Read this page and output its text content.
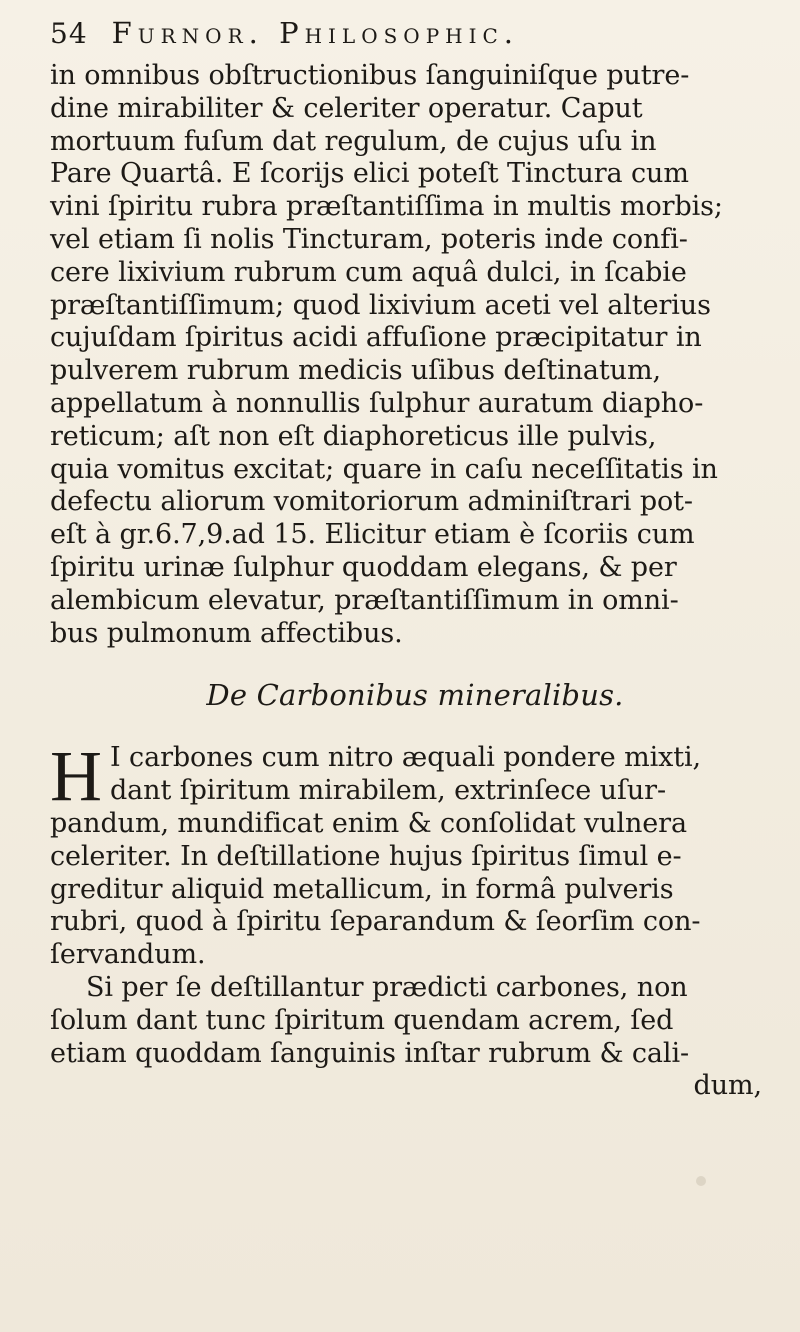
54 Furnor. Philosophic.
in omnibus obſtructionibus ſanguiniſque putre-
dine mirabiliter & celeriter operatur. Caput
mortuum fuſum dat regulum, de cujus uſu in
Pare Quartâ. E ſcorijs elici poteſt Tinctura cum
vini ſpiritu rubra præſtantiſſima in multis morbis;
vel etiam ſi nolis Tincturam, poteris inde confi-
cere lixivium rubrum cum aquâ dulci, in ſcabie
præſtantiſſimum; quod lixivium aceti vel alterius
cujuſdam ſpiritus acidi affuſione præcipitatur in
pulverem rubrum medicis uſibus deſtinatum,
appellatum à nonnullis ſulphur auratum diapho-
reticum; aſt non eſt diaphoreticus ille pulvis,
quia vomitus excitat; quare in caſu neceſſitatis in
defectu aliorum vomitoriorum adminiſtrari pot-
eſt à gr.6.7,9.ad 15. Elicitur etiam è ſcoriis cum
ſpiritu urinæ ſulphur quoddam elegans, & per
alembicum elevatur, præſtantiſſimum in omni-
bus pulmonum affectibus.
De Carbonibus mineralibus.
H I carbones cum nitro æquali pondere mixti,
dant ſpiritum mirabilem, extrinſece uſur-
pandum, mundificat enim & conſolidat vulnera
celeriter. In deſtillatione hujus ſpiritus ſimul e-
greditur aliquid metallicum, in formâ pulveris
rubri, quod à ſpiritu ſeparandum & ſeorſim con-
ſervandum.
Si per ſe deſtillantur prædicti carbones, non
ſolum dant tunc ſpiritum quendam acrem, ſed
etiam quoddam ſanguinis inſtar rubrum & cali-
dum,
